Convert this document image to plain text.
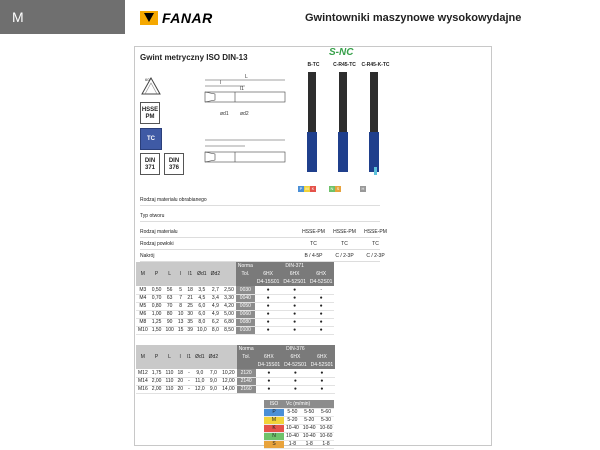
M	FANAR	Gwintowniki maszynowe wysokowydajne
Gwint metryczny ISO DIN-13	S-NC
B-TC	C-R45-TC	C-R45-K-TC
60°
HSSE
PM
TC
DIN
371
DIN
376
L
l
l1
ød1 ød2
P M K	N S	H
Rodzaj materiału obrabianego
Typ otworu
Rodzaj materiału	HSSE-PM	HSSE-PM	HSSE-PM
Rodzaj powłoki	TC	TC	TC
Nakrój	B / 4-5P	C / 2-3P	C / 2-3P
M	P	L	l	l1	Ød1	Ød2		Norma	DIN-371		
								Tol.	6HX	6HX	6HX
									D4-15S01	D4-52S01	D4-52S01
M3	0,50	56	5	18	3,5	2,7	2,50	0030	●	●	-
M4	0,70	63	7	21	4,5	3,4	3,30	0040	●	●	●
M5	0,80	70	8	25	6,0	4,9	4,20	0050	●	●	●
M6	1,00	80	10	30	6,0	4,9	5,00	0060	●	●	●
M8	1,25	90	13	35	8,0	6,2	6,80	0080	●	●	●
M10	1,50	100	15	39	10,0	8,0	8,50	0100	●	●	●
M	P	L	l	l1	Ød1	Ød2		Norma	DIN-376		
								Tol.	6HX	6HX	6HX
									D4-15S01	D4-52S01	D4-52S01
M12	1,75	110	18	-	9,0	7,0	10,20	2120	●	●	●
M14	2,00	110	20	-	11,0	9,0	12,00	2140	●	●	●
M16	2,00	110	20	-	12,0	9,0	14,00	2160	●	●	●
ISO	Vc (m/min)		
P	5-50	5-50	5-60
M	5-20	5-20	5-30
K	10-40	10-40	10-60
N	10-40	10-40	10-60
S	1-8	1-8	1-8
